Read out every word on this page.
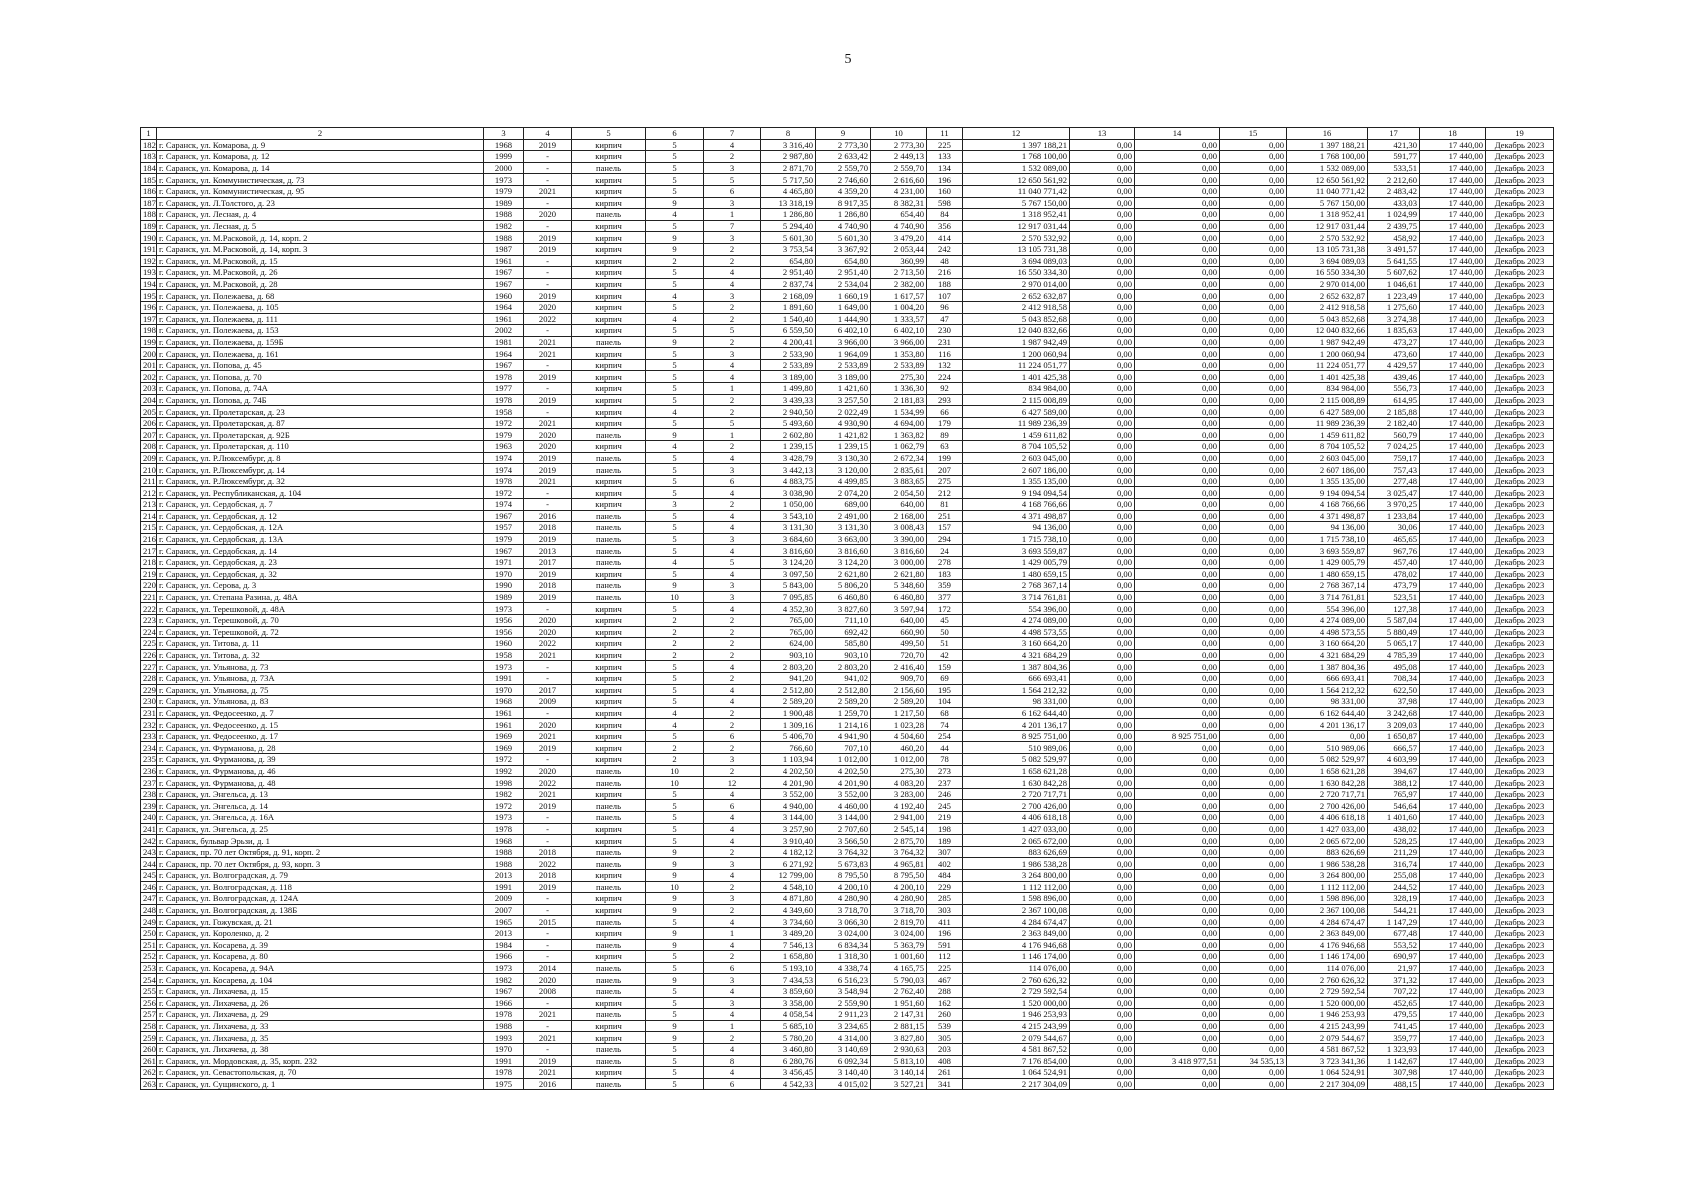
5
1	2	3	4	5	6	7	8	9	10	11	12	13	14	15	16	17	18	19
182	г. Саранск, ул. Комарова, д. 9	1968	2019	кирпич	5	4	3 316,40	2 773,30	2 773,30	225	1 397 188,21	0,00	0,00	0,00	1 397 188,21	421,30	17 440,00	Декабрь 2023
183	г. Саранск, ул. Комарова, д. 12	1999	-	кирпич	5	2	2 987,80	2 633,42	2 449,13	133	1 768 100,00	0,00	0,00	0,00	1 768 100,00	591,77	17 440,00	Декабрь 2023
184	г. Саранск, ул. Комарова, д. 14	2000	-	панель	5	3	2 871,70	2 559,70	2 559,70	134	1 532 089,00	0,00	0,00	0,00	1 532 089,00	533,51	17 440,00	Декабрь 2023
185	г. Саранск, ул. Коммунистическая, д. 73	1973	-	кирпич	5	5	5 717,50	2 746,60	2 616,60	196	12 650 561,92	0,00	0,00	0,00	12 650 561,92	2 212,60	17 440,00	Декабрь 2023
186	г. Саранск, ул. Коммунистическая, д. 95	1979	2021	кирпич	5	6	4 465,80	4 359,20	4 231,00	160	11 040 771,42	0,00	0,00	0,00	11 040 771,42	2 483,42	17 440,00	Декабрь 2023
187	г. Саранск, ул. Л.Толстого, д. 23	1989	-	кирпич	9	3	13 318,19	8 917,35	8 382,31	598	5 767 150,00	0,00	0,00	0,00	5 767 150,00	433,03	17 440,00	Декабрь 2023
188	г. Саранск, ул. Лесная, д. 4	1988	2020	панель	4	1	1 286,80	1 286,80	654,40	84	1 318 952,41	0,00	0,00	0,00	1 318 952,41	1 024,99	17 440,00	Декабрь 2023
189	г. Саранск, ул. Лесная, д. 5	1982	-	кирпич	5	7	5 294,40	4 740,90	4 740,90	356	12 917 031,44	0,00	0,00	0,00	12 917 031,44	2 439,75	17 440,00	Декабрь 2023
190	г. Саранск, ул. М.Расковой, д. 14, корп. 2	1988	2019	кирпич	9	3	5 601,30	5 601,30	3 479,20	414	2 570 532,92	0,00	0,00	0,00	2 570 532,92	458,92	17 440,00	Декабрь 2023
191	г. Саранск, ул. М.Расковой, д. 14, корп. 3	1987	2019	кирпич	9	2	3 753,54	3 367,92	2 053,44	242	13 105 731,38	0,00	0,00	0,00	13 105 731,38	3 491,57	17 440,00	Декабрь 2023
192	г. Саранск, ул. М.Расковой, д. 15	1961	-	кирпич	2	2	654,80	654,80	360,99	48	3 694 089,03	0,00	0,00	0,00	3 694 089,03	5 641,55	17 440,00	Декабрь 2023
193	г. Саранск, ул. М.Расковой, д. 26	1967	-	кирпич	5	4	2 951,40	2 951,40	2 713,50	216	16 550 334,30	0,00	0,00	0,00	16 550 334,30	5 607,62	17 440,00	Декабрь 2023
194	г. Саранск, ул. М.Расковой, д. 28	1967	-	кирпич	5	4	2 837,74	2 534,04	2 382,00	188	2 970 014,00	0,00	0,00	0,00	2 970 014,00	1 046,61	17 440,00	Декабрь 2023
195	г. Саранск, ул. Полежаева, д. 68	1960	2019	кирпич	4	3	2 168,09	1 660,19	1 617,57	107	2 652 632,87	0,00	0,00	0,00	2 652 632,87	1 223,49	17 440,00	Декабрь 2023
196	г. Саранск, ул. Полежаева, д. 105	1964	2020	кирпич	5	2	1 891,60	1 649,00	1 004,20	96	2 412 918,58	0,00	0,00	0,00	2 412 918,58	1 275,60	17 440,00	Декабрь 2023
197	г. Саранск, ул. Полежаева, д. 111	1961	2022	кирпич	4	2	1 540,40	1 444,90	1 333,57	47	5 043 852,68	0,00	0,00	0,00	5 043 852,68	3 274,38	17 440,00	Декабрь 2023
198	г. Саранск, ул. Полежаева, д. 153	2002	-	кирпич	5	5	6 559,50	6 402,10	6 402,10	230	12 040 832,66	0,00	0,00	0,00	12 040 832,66	1 835,63	17 440,00	Декабрь 2023
199	г. Саранск, ул. Полежаева, д. 159Б	1981	2021	панель	9	2	4 200,41	3 966,00	3 966,00	231	1 987 942,49	0,00	0,00	0,00	1 987 942,49	473,27	17 440,00	Декабрь 2023
200	г. Саранск, ул. Полежаева, д. 161	1964	2021	кирпич	5	3	2 533,90	1 964,09	1 353,80	116	1 200 060,94	0,00	0,00	0,00	1 200 060,94	473,60	17 440,00	Декабрь 2023
201	г. Саранск, ул. Попова, д. 45	1967	-	кирпич	5	4	2 533,89	2 533,89	2 533,89	132	11 224 051,77	0,00	0,00	0,00	11 224 051,77	4 429,57	17 440,00	Декабрь 2023
202	г. Саранск, ул. Попова, д. 70	1978	2019	кирпич	5	4	3 189,00	3 189,00	275,30	224	1 401 425,38	0,00	0,00	0,00	1 401 425,38	439,46	17 440,00	Декабрь 2023
203	г. Саранск, ул. Попова, д. 74А	1977	-	кирпич	5	1	1 499,80	1 421,60	1 336,30	92	834 984,00	0,00	0,00	0,00	834 984,00	556,73	17 440,00	Декабрь 2023
204	г. Саранск, ул. Попова, д. 74Б	1978	2019	кирпич	5	2	3 439,33	3 257,50	2 181,83	293	2 115 008,89	0,00	0,00	0,00	2 115 008,89	614,95	17 440,00	Декабрь 2023
205	г. Саранск, ул. Пролетарская, д. 23	1958	-	кирпич	4	2	2 940,50	2 022,49	1 534,99	66	6 427 589,00	0,00	0,00	0,00	6 427 589,00	2 185,88	17 440,00	Декабрь 2023
206	г. Саранск, ул. Пролетарская, д. 87	1972	2021	кирпич	5	5	5 493,60	4 930,90	4 694,00	179	11 989 236,39	0,00	0,00	0,00	11 989 236,39	2 182,40	17 440,00	Декабрь 2023
207	г. Саранск, ул. Пролетарская, д. 92Б	1979	2020	панель	9	1	2 602,80	1 421,82	1 363,82	89	1 459 611,82	0,00	0,00	0,00	1 459 611,82	560,79	17 440,00	Декабрь 2023
208	г. Саранск, ул. Пролетарская, д. 110	1963	2020	кирпич	4	2	1 239,15	1 239,15	1 062,79	63	8 704 105,52	0,00	0,00	0,00	8 704 105,52	7 024,25	17 440,00	Декабрь 2023
209	г. Саранск, ул. Р.Люксембург, д. 8	1974	2019	панель	5	4	3 428,79	3 130,30	2 672,34	199	2 603 045,00	0,00	0,00	0,00	2 603 045,00	759,17	17 440,00	Декабрь 2023
210	г. Саранск, ул. Р.Люксембург, д. 14	1974	2019	панель	5	3	3 442,13	3 120,00	2 835,61	207	2 607 186,00	0,00	0,00	0,00	2 607 186,00	757,43	17 440,00	Декабрь 2023
211	г. Саранск, ул. Р.Люксембург, д. 32	1978	2021	кирпич	5	6	4 883,75	4 499,85	3 883,65	275	1 355 135,00	0,00	0,00	0,00	1 355 135,00	277,48	17 440,00	Декабрь 2023
212	г. Саранск, ул. Республиканская, д. 104	1972	-	кирпич	5	4	3 038,90	2 074,20	2 054,50	212	9 194 094,54	0,00	0,00	0,00	9 194 094,54	3 025,47	17 440,00	Декабрь 2023
213	г. Саранск, ул. Сердобская, д. 7	1974	-	кирпич	3	2	1 050,00	689,00	640,00	81	4 168 766,66	0,00	0,00	0,00	4 168 766,66	3 970,25	17 440,00	Декабрь 2023
214	г. Саранск, ул. Сердобская, д. 12	1967	2016	панель	5	4	3 543,10	2 491,00	2 168,00	251	4 371 498,87	0,00	0,00	0,00	4 371 498,87	1 233,84	17 440,00	Декабрь 2023
215	г. Саранск, ул. Сердобская, д. 12А	1957	2018	панель	5	4	3 131,30	3 131,30	3 008,43	157	94 136,00	0,00	0,00	0,00	94 136,00	30,06	17 440,00	Декабрь 2023
216	г. Саранск, ул. Сердобская, д. 13А	1979	2019	панель	5	3	3 684,60	3 663,00	3 390,00	294	1 715 738,10	0,00	0,00	0,00	1 715 738,10	465,65	17 440,00	Декабрь 2023
217	г. Саранск, ул. Сердобская, д. 14	1967	2013	панель	5	4	3 816,60	3 816,60	3 816,60	24	3 693 559,87	0,00	0,00	0,00	3 693 559,87	967,76	17 440,00	Декабрь 2023
218	г. Саранск, ул. Сердобская, д. 23	1971	2017	панель	4	5	3 124,20	3 124,20	3 000,00	278	1 429 005,79	0,00	0,00	0,00	1 429 005,79	457,40	17 440,00	Декабрь 2023
219	г. Саранск, ул. Сердобская, д. 32	1970	2019	кирпич	5	4	3 097,50	2 621,80	2 621,80	183	1 480 659,15	0,00	0,00	0,00	1 480 659,15	478,02	17 440,00	Декабрь 2023
220	г. Саранск, ул. Серова, д. 3	1990	2018	панель	9	3	5 843,00	5 806,20	5 348,60	359	2 768 367,14	0,00	0,00	0,00	2 768 367,14	473,79	17 440,00	Декабрь 2023
221	г. Саранск, ул. Степана Разина, д. 48А	1989	2019	панель	10	3	7 095,85	6 460,80	6 460,80	377	3 714 761,81	0,00	0,00	0,00	3 714 761,81	523,51	17 440,00	Декабрь 2023
222	г. Саранск, ул. Терешковой, д. 48А	1973	-	кирпич	5	4	4 352,30	3 827,60	3 597,94	172	554 396,00	0,00	0,00	0,00	554 396,00	127,38	17 440,00	Декабрь 2023
223	г. Саранск, ул. Терешковой, д. 70	1956	2020	кирпич	2	2	765,00	711,10	640,00	45	4 274 089,00	0,00	0,00	0,00	4 274 089,00	5 587,04	17 440,00	Декабрь 2023
224	г. Саранск, ул. Терешковой, д. 72	1956	2020	кирпич	2	2	765,00	692,42	660,90	50	4 498 573,55	0,00	0,00	0,00	4 498 573,55	5 880,49	17 440,00	Декабрь 2023
225	г. Саранск, ул. Титова, д. 11	1960	2022	кирпич	2	2	624,00	585,80	499,50	51	3 160 664,20	0,00	0,00	0,00	3 160 664,20	5 065,17	17 440,00	Декабрь 2023
226	г. Саранск, ул. Титова, д. 32	1958	2021	кирпич	2	2	903,10	903,10	720,70	42	4 321 684,29	0,00	0,00	0,00	4 321 684,29	4 785,39	17 440,00	Декабрь 2023
227	г. Саранск, ул. Ульянова, д. 73	1973	-	кирпич	5	4	2 803,20	2 803,20	2 416,40	159	1 387 804,36	0,00	0,00	0,00	1 387 804,36	495,08	17 440,00	Декабрь 2023
228	г. Саранск, ул. Ульянова, д. 73А	1991	-	кирпич	5	2	941,20	941,02	909,70	69	666 693,41	0,00	0,00	0,00	666 693,41	708,34	17 440,00	Декабрь 2023
229	г. Саранск, ул. Ульянова, д. 75	1970	2017	кирпич	5	4	2 512,80	2 512,80	2 156,60	195	1 564 212,32	0,00	0,00	0,00	1 564 212,32	622,50	17 440,00	Декабрь 2023
230	г. Саранск, ул. Ульянова, д. 83	1968	2009	кирпич	5	4	2 589,20	2 589,20	2 589,20	104	98 331,00	0,00	0,00	0,00	98 331,00	37,98	17 440,00	Декабрь 2023
231	г. Саранск, ул. Федосеенко, д. 7	1961	-	кирпич	4	2	1 900,48	1 259,70	1 217,50	68	6 162 644,40	0,00	0,00	0,00	6 162 644,40	3 242,68	17 440,00	Декабрь 2023
232	г. Саранск, ул. Федосеенко, д. 15	1961	2020	кирпич	4	2	1 309,16	1 214,16	1 023,28	74	4 201 136,17	0,00	0,00	0,00	4 201 136,17	3 209,03	17 440,00	Декабрь 2023
233	г. Саранск, ул. Федосеенко, д. 17	1969	2021	кирпич	5	6	5 406,70	4 941,90	4 504,60	254	8 925 751,00	0,00	8 925 751,00	0,00	0,00	1 650,87	17 440,00	Декабрь 2023
234	г. Саранск, ул. Фурманова, д. 28	1969	2019	кирпич	2	2	766,60	707,10	460,20	44	510 989,06	0,00	0,00	0,00	510 989,06	666,57	17 440,00	Декабрь 2023
235	г. Саранск, ул. Фурманова, д. 39	1972	-	кирпич	2	3	1 103,94	1 012,00	1 012,00	78	5 082 529,97	0,00	0,00	0,00	5 082 529,97	4 603,99	17 440,00	Декабрь 2023
236	г. Саранск, ул. Фурманова, д. 46	1992	2020	панель	10	2	4 202,50	4 202,50	275,30	273	1 658 621,28	0,00	0,00	0,00	1 658 621,28	394,67	17 440,00	Декабрь 2023
237	г. Саранск, ул. Фурманова, д. 48	1998	2022	панель	10	12	4 201,90	4 201,90	4 083,20	237	1 630 842,28	0,00	0,00	0,00	1 630 842,28	388,12	17 440,00	Декабрь 2023
238	г. Саранск, ул. Энгельса, д. 13	1982	2021	кирпич	5	4	3 552,00	3 552,00	3 283,00	246	2 720 717,71	0,00	0,00	0,00	2 720 717,71	765,97	17 440,00	Декабрь 2023
239	г. Саранск, ул. Энгельса, д. 14	1972	2019	панель	5	6	4 940,00	4 460,00	4 192,40	245	2 700 426,00	0,00	0,00	0,00	2 700 426,00	546,64	17 440,00	Декабрь 2023
240	г. Саранск, ул. Энгельса, д. 16А	1973	-	панель	5	4	3 144,00	3 144,00	2 941,00	219	4 406 618,18	0,00	0,00	0,00	4 406 618,18	1 401,60	17 440,00	Декабрь 2023
241	г. Саранск, ул. Энгельса, д. 25	1978	-	кирпич	5	4	3 257,90	2 707,60	2 545,14	198	1 427 033,00	0,00	0,00	0,00	1 427 033,00	438,02	17 440,00	Декабрь 2023
242	г. Саранск, бульвар Эрьзи, д. 1	1968	-	кирпич	5	4	3 910,40	3 566,50	2 875,70	189	2 065 672,00	0,00	0,00	0,00	2 065 672,00	528,25	17 440,00	Декабрь 2023
243	г. Саранск, пр. 70 лет Октября, д. 91, корп. 2	1988	2018	панель	9	2	4 182,12	3 764,32	3 764,32	307	883 626,69	0,00	0,00	0,00	883 626,69	211,29	17 440,00	Декабрь 2023
244	г. Саранск, пр. 70 лет Октября, д. 93, корп. 3	1988	2022	панель	9	3	6 271,92	5 673,83	4 965,81	402	1 986 538,28	0,00	0,00	0,00	1 986 538,28	316,74	17 440,00	Декабрь 2023
245	г. Саранск, ул. Волгоградская, д. 79	2013	2018	кирпич	9	4	12 799,00	8 795,50	8 795,50	484	3 264 800,00	0,00	0,00	0,00	3 264 800,00	255,08	17 440,00	Декабрь 2023
246	г. Саранск, ул. Волгоградская, д. 118	1991	2019	панель	10	2	4 548,10	4 200,10	4 200,10	229	1 112 112,00	0,00	0,00	0,00	1 112 112,00	244,52	17 440,00	Декабрь 2023
247	г. Саранск, ул. Волгоградская, д. 124А	2009	-	кирпич	9	3	4 871,80	4 280,90	4 280,90	285	1 598 896,00	0,00	0,00	0,00	1 598 896,00	328,19	17 440,00	Декабрь 2023
248	г. Саранск, ул. Волгоградская, д. 138Б	2007	-	кирпич	9	2	4 349,60	3 718,70	3 718,70	303	2 367 100,08	0,00	0,00	0,00	2 367 100,08	544,21	17 440,00	Декабрь 2023
249	г. Саранск, ул. Гожувская, д. 21	1965	2015	панель	5	4	3 734,60	3 066,30	2 819,70	411	4 284 674,47	0,00	0,00	0,00	4 284 674,47	1 147,29	17 440,00	Декабрь 2023
250	г. Саранск, ул. Короленко, д. 2	2013	-	кирпич	9	1	3 489,20	3 024,00	3 024,00	196	2 363 849,00	0,00	0,00	0,00	2 363 849,00	677,48	17 440,00	Декабрь 2023
251	г. Саранск, ул. Косарева, д. 39	1984	-	панель	9	4	7 546,13	6 834,34	5 363,79	591	4 176 946,68	0,00	0,00	0,00	4 176 946,68	553,52	17 440,00	Декабрь 2023
252	г. Саранск, ул. Косарева, д. 80	1966	-	кирпич	5	2	1 658,80	1 318,30	1 001,60	112	1 146 174,00	0,00	0,00	0,00	1 146 174,00	690,97	17 440,00	Декабрь 2023
253	г. Саранск, ул. Косарева, д. 94А	1973	2014	панель	5	6	5 193,10	4 338,74	4 165,75	225	114 076,00	0,00	0,00	0,00	114 076,00	21,97	17 440,00	Декабрь 2023
254	г. Саранск, ул. Косарева, д. 104	1982	2020	панель	9	3	7 434,53	6 516,23	5 790,03	467	2 760 626,32	0,00	0,00	0,00	2 760 626,32	371,32	17 440,00	Декабрь 2023
255	г. Саранск, ул. Лихачева, д. 15	1967	2008	панель	5	4	3 859,60	3 548,94	2 762,40	288	2 729 592,54	0,00	0,00	0,00	2 729 592,54	707,22	17 440,00	Декабрь 2023
256	г. Саранск, ул. Лихачева, д. 26	1966	-	кирпич	5	3	3 358,00	2 559,90	1 951,60	162	1 520 000,00	0,00	0,00	0,00	1 520 000,00	452,65	17 440,00	Декабрь 2023
257	г. Саранск, ул. Лихачева, д. 29	1978	2021	панель	5	4	4 058,54	2 911,23	2 147,31	260	1 946 253,93	0,00	0,00	0,00	1 946 253,93	479,55	17 440,00	Декабрь 2023
258	г. Саранск, ул. Лихачева, д. 33	1988	-	кирпич	9	1	5 685,10	3 234,65	2 881,15	539	4 215 243,99	0,00	0,00	0,00	4 215 243,99	741,45	17 440,00	Декабрь 2023
259	г. Саранск, ул. Лихачева, д. 35	1993	2021	кирпич	9	2	5 780,20	4 314,00	3 827,80	305	2 079 544,67	0,00	0,00	0,00	2 079 544,67	359,77	17 440,00	Декабрь 2023
260	г. Саранск, ул. Лихачева, д. 38	1970	-	панель	5	4	3 460,80	3 140,69	2 930,63	203	4 581 867,52	0,00	0,00	0,00	4 581 867,52	1 323,93	17 440,00	Декабрь 2023
261	г. Саранск, ул. Мордовская, д. 35, корп. 232	1991	2019	панель	5	8	6 280,76	6 092,34	5 813,10	408	7 176 854,00	0,00	3 418 977,51	34 535,13	3 723 341,36	1 142,67	17 440,00	Декабрь 2023
262	г. Саранск, ул. Севастопольская, д. 70	1978	2021	кирпич	5	4	3 456,45	3 140,40	3 140,14	261	1 064 524,91	0,00	0,00	0,00	1 064 524,91	307,98	17 440,00	Декабрь 2023
263	г. Саранск, ул. Сущинского, д. 1	1975	2016	панель	5	6	4 542,33	4 015,02	3 527,21	341	2 217 304,09	0,00	0,00	0,00	2 217 304,09	488,15	17 440,00	Декабрь 2023
